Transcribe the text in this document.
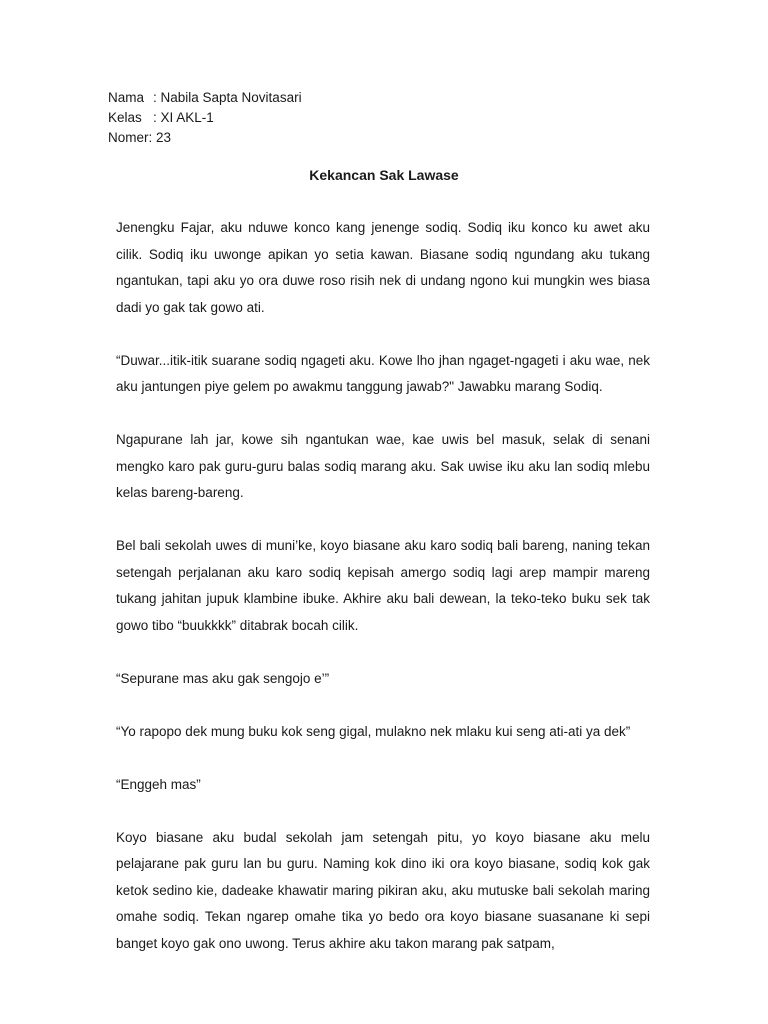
Nama : Nabila Sapta Novitasari
Kelas : XI AKL-1
Nomer : 23
Kekancan Sak Lawase

Jenengku Fajar, aku nduwe konco kang jenenge sodiq. Sodiq iku konco ku awet aku cilik. Sodiq iku uwonge apikan yo setia kawan. Biasane sodiq ngundang aku tukang ngantukan, tapi aku yo ora duwe roso risih nek di undang ngono kui mungkin wes biasa dadi yo gak tak gowo ati.

“Duwar...itik-itik suarane sodiq ngageti aku. Kowe lho jhan ngaget-ngageti i aku wae, nek aku jantungen piye gelem po awakmu tanggung jawab?" Jawabku marang Sodiq.

Ngapurane lah jar, kowe sih ngantukan wae, kae uwis bel masuk, selak di senani mengko karo pak guru-guru balas sodiq marang aku. Sak uwise iku aku lan sodiq mlebu kelas bareng-bareng.

Bel bali sekolah uwes di muni’ke, koyo biasane aku karo sodiq bali bareng, naning tekan setengah perjalanan aku karo sodiq kepisah amergo sodiq lagi arep mampir mareng tukang jahitan jupuk klambine ibuke. Akhire aku bali dewean, la teko-teko buku sek tak gowo tibo “buukkkk” ditabrak bocah cilik.

“Sepurane mas aku gak sengojo e’”

“Yo rapopo dek mung buku kok seng gigal, mulakno nek mlaku kui seng ati-ati ya dek”

“Enggeh mas”

Koyo biasane aku budal sekolah jam setengah pitu, yo koyo biasane aku melu pelajarane pak guru lan bu guru. Naming kok dino iki ora koyo biasane, sodiq kok gak ketok sedino kie, dadeake khawatir maring pikiran aku, aku mutuske bali sekolah maring omahe sodiq. Tekan ngarep omahe tika yo bedo ora koyo biasane suasanane ki sepi banget koyo gak ono uwong. Terus akhire aku takon marang pak satpam,
